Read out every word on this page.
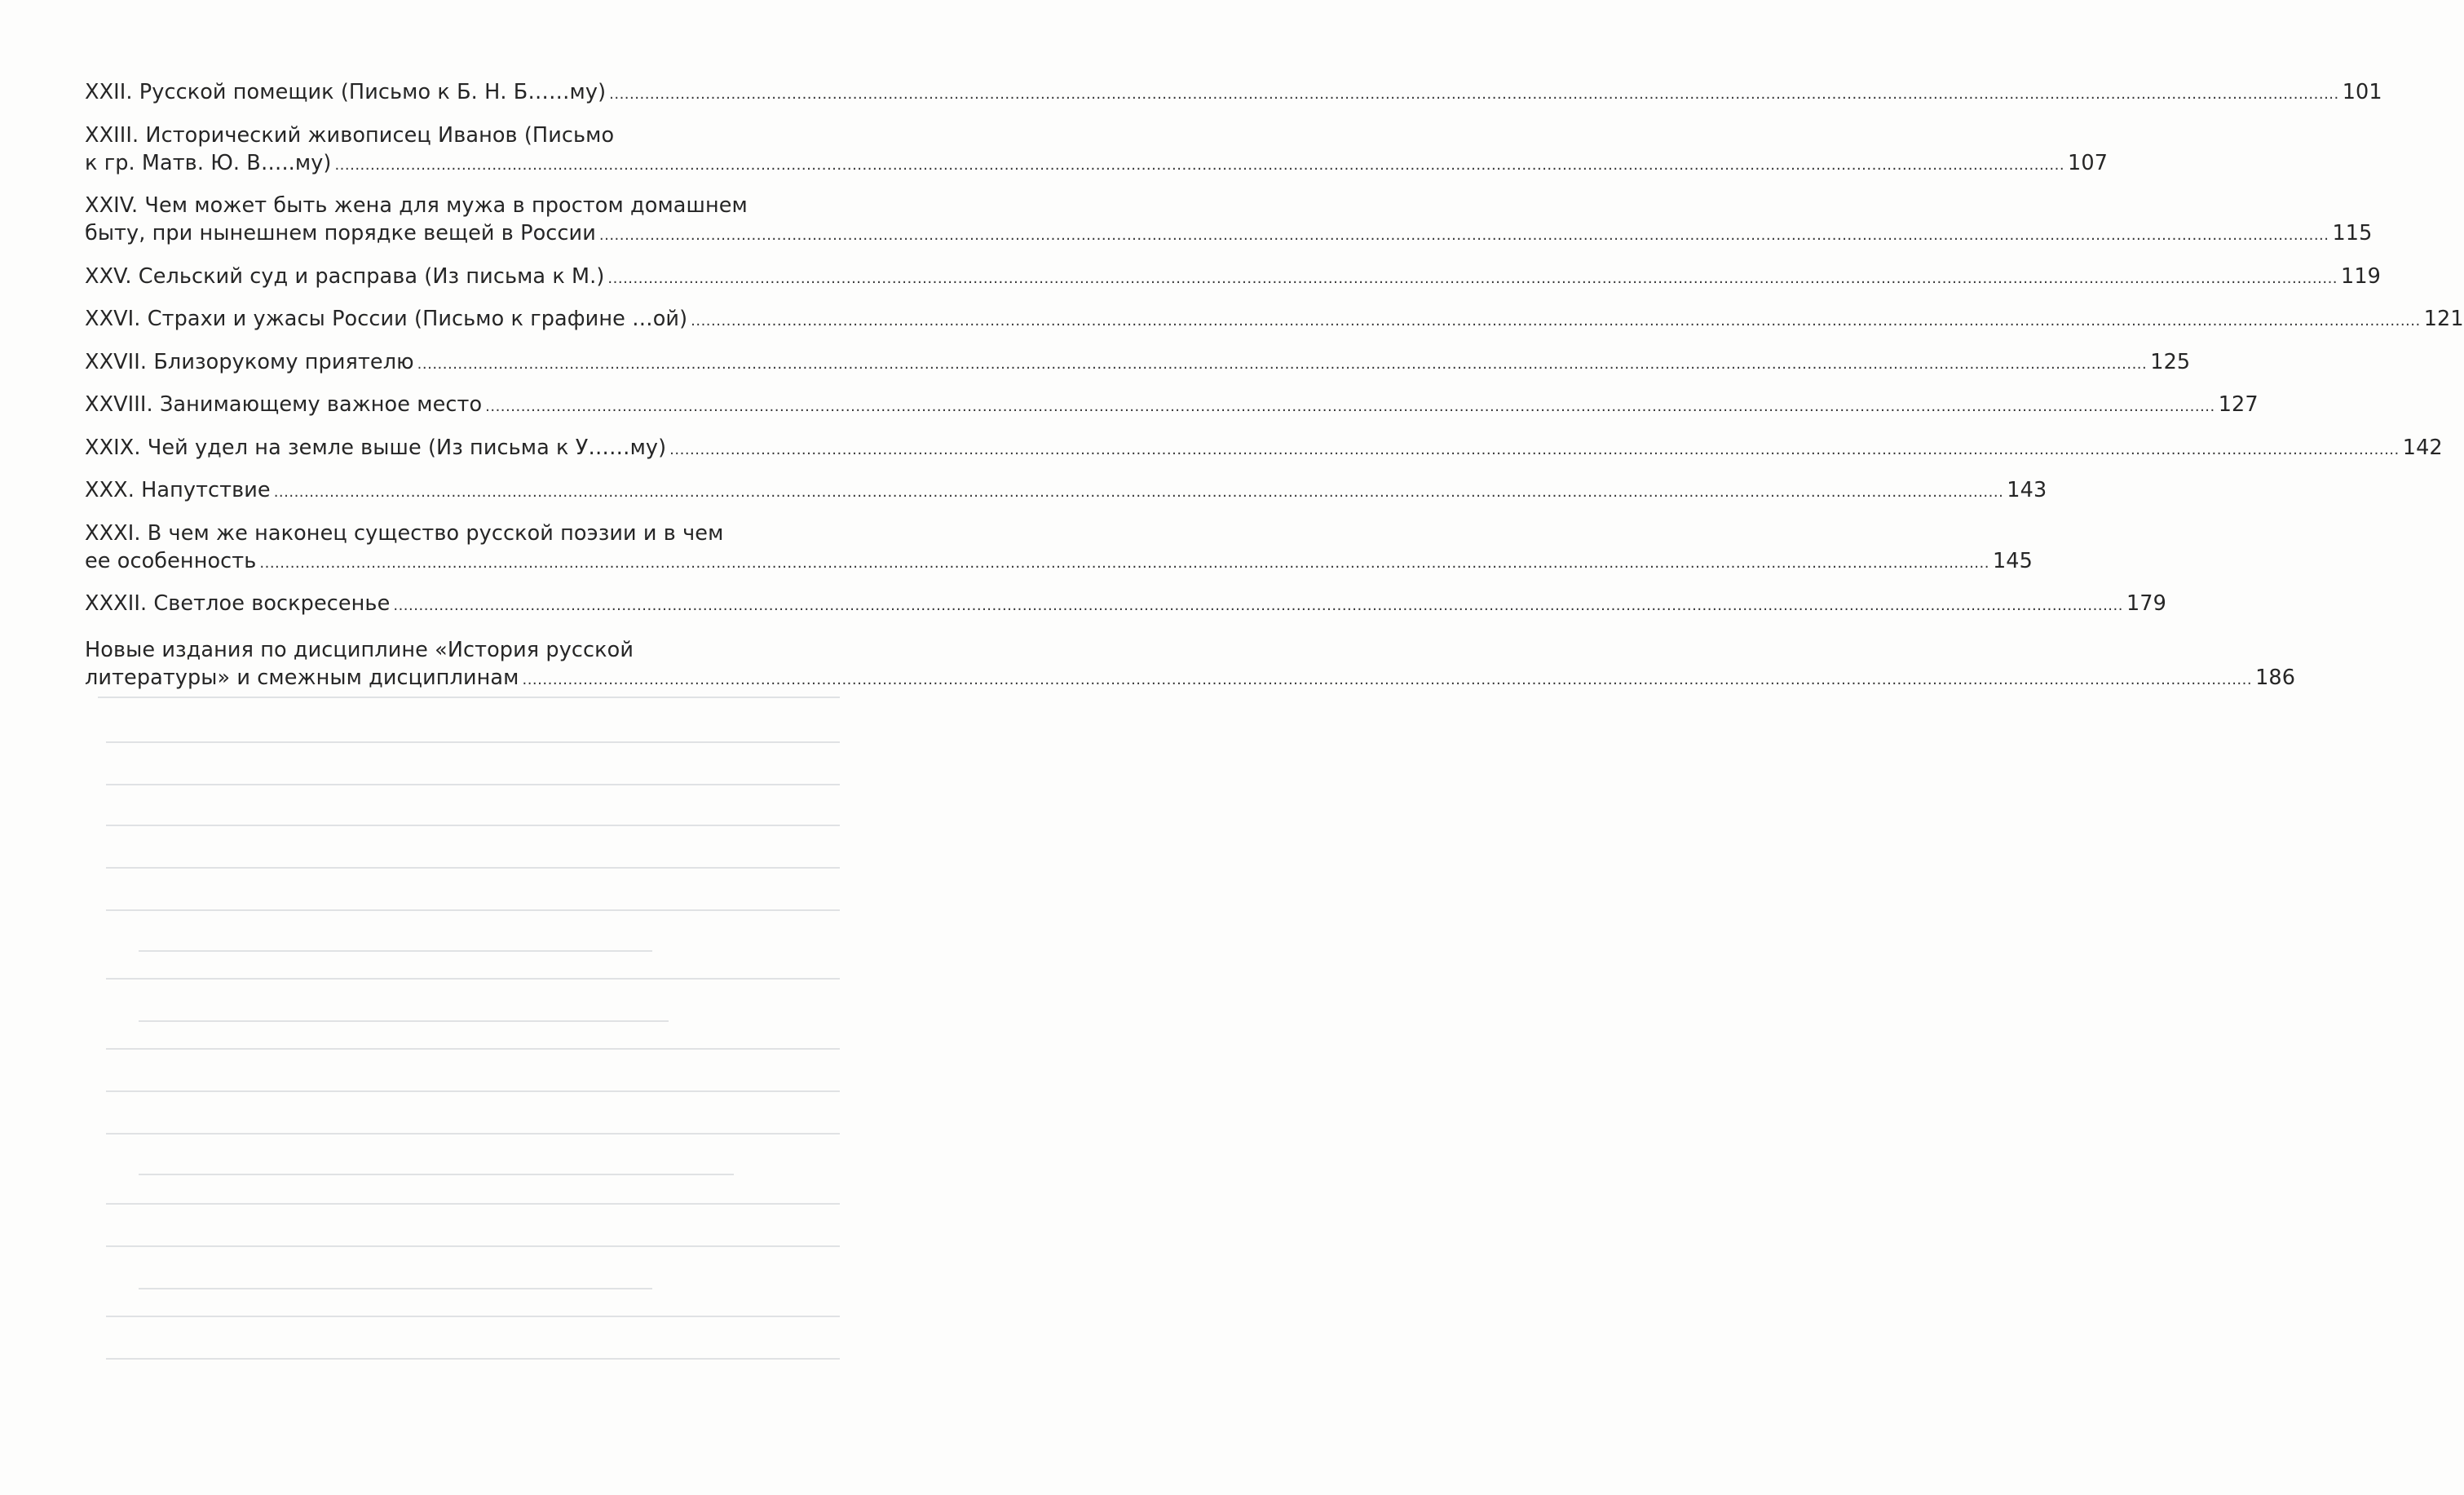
XXII. Русской помещик (Письмо к Б. Н. Б……му) ..................................................................................................................................................................................................................................................................................................................................................... 101
XXIII. Исторический живописец Иванов (Письмо
к гр. Матв. Ю. В…..му) ..................................................................................................................................................................................................................................................................................................................................................... 107
XXIV. Чем может быть жена для мужа в простом домашнем
быту, при нынешнем порядке вещей в России ..................................................................................................................................................................................................................................................................................................................................................... 115
XXV. Сельский суд и расправа (Из письма к М.) ..................................................................................................................................................................................................................................................................................................................................................... 119
XXVI. Страхи и ужасы России (Письмо к графине …ой) ..................................................................................................................................................................................................................................................................................................................................................... 121
XXVII. Близорукому приятелю ..................................................................................................................................................................................................................................................................................................................................................... 125
XXVIII. Занимающему важное место ..................................................................................................................................................................................................................................................................................................................................................... 127
XXIX. Чей удел на земле выше (Из письма к У……му) ..................................................................................................................................................................................................................................................................................................................................................... 142
XXX. Напутствие ..................................................................................................................................................................................................................................................................................................................................................... 143
XXXI. В чем же наконец существо русской поэзии и в чем
ее особенность ..................................................................................................................................................................................................................................................................................................................................................... 145
XXXII. Светлое воскресенье ..................................................................................................................................................................................................................................................................................................................................................... 179
Новые издания по дисциплине «История русской
литературы» и смежным дисциплинам ..................................................................................................................................................................................................................................................................................................................................................... 186
